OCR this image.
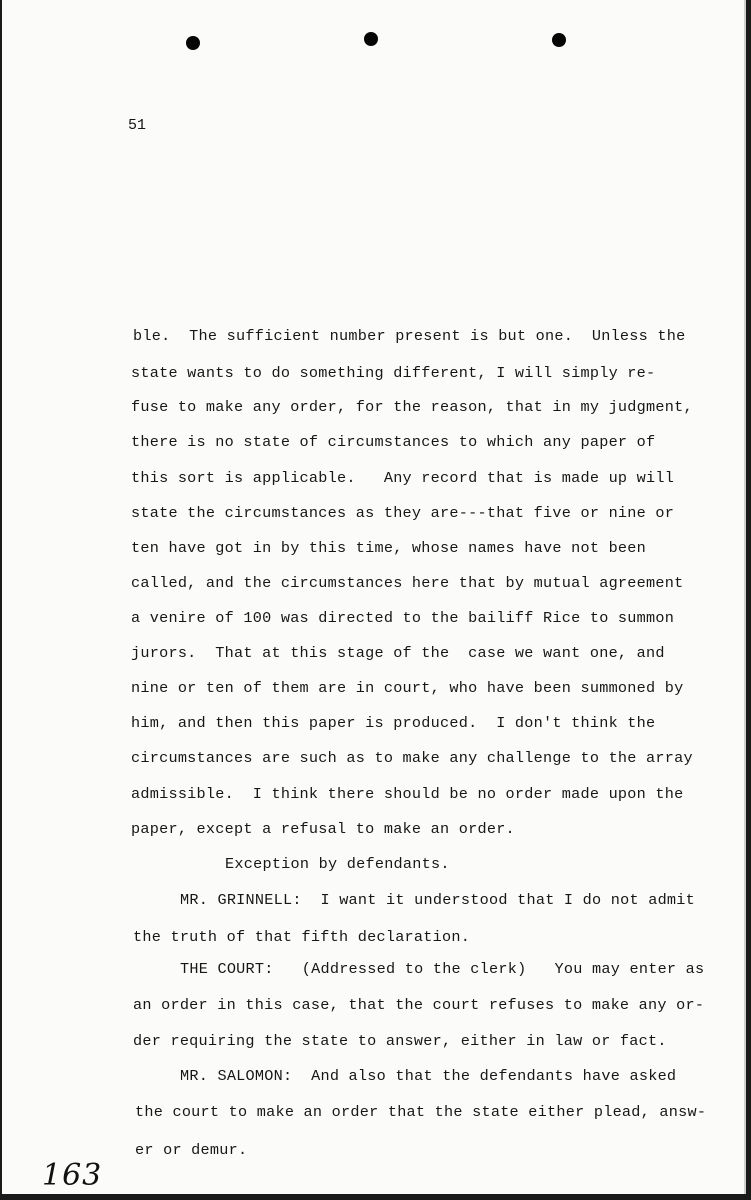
51
ble.  The sufficient number present is but one.  Unless the
state wants to do something different, I will simply re-
fuse to make any order, for the reason, that in my judgment,
there is no state of circumstances to which any paper of
this sort is applicable.   Any record that is made up will
state the circumstances as they are---that five or nine or
ten have got in by this time, whose names have not been
called, and the circumstances here that by mutual agreement
a venire of 100 was directed to the bailiff Rice to summon
jurors.  That at this stage of the  case we want one, and
nine or ten of them are in court, who have been summoned by
him, and then this paper is produced.  I don't think the
circumstances are such as to make any challenge to the array
admissible.  I think there should be no order made upon the
paper, except a refusal to make an order.
Exception by defendants.
MR. GRINNELL:  I want it understood that I do not admit
the truth of that fifth declaration.
THE COURT:   (Addressed to the clerk)   You may enter as
an order in this case, that the court refuses to make any or-
der requiring the state to answer, either in law or fact.
MR. SALOMON:  And also that the defendants have asked
the court to make an order that the state either plead, answ-
er or demur.
163
